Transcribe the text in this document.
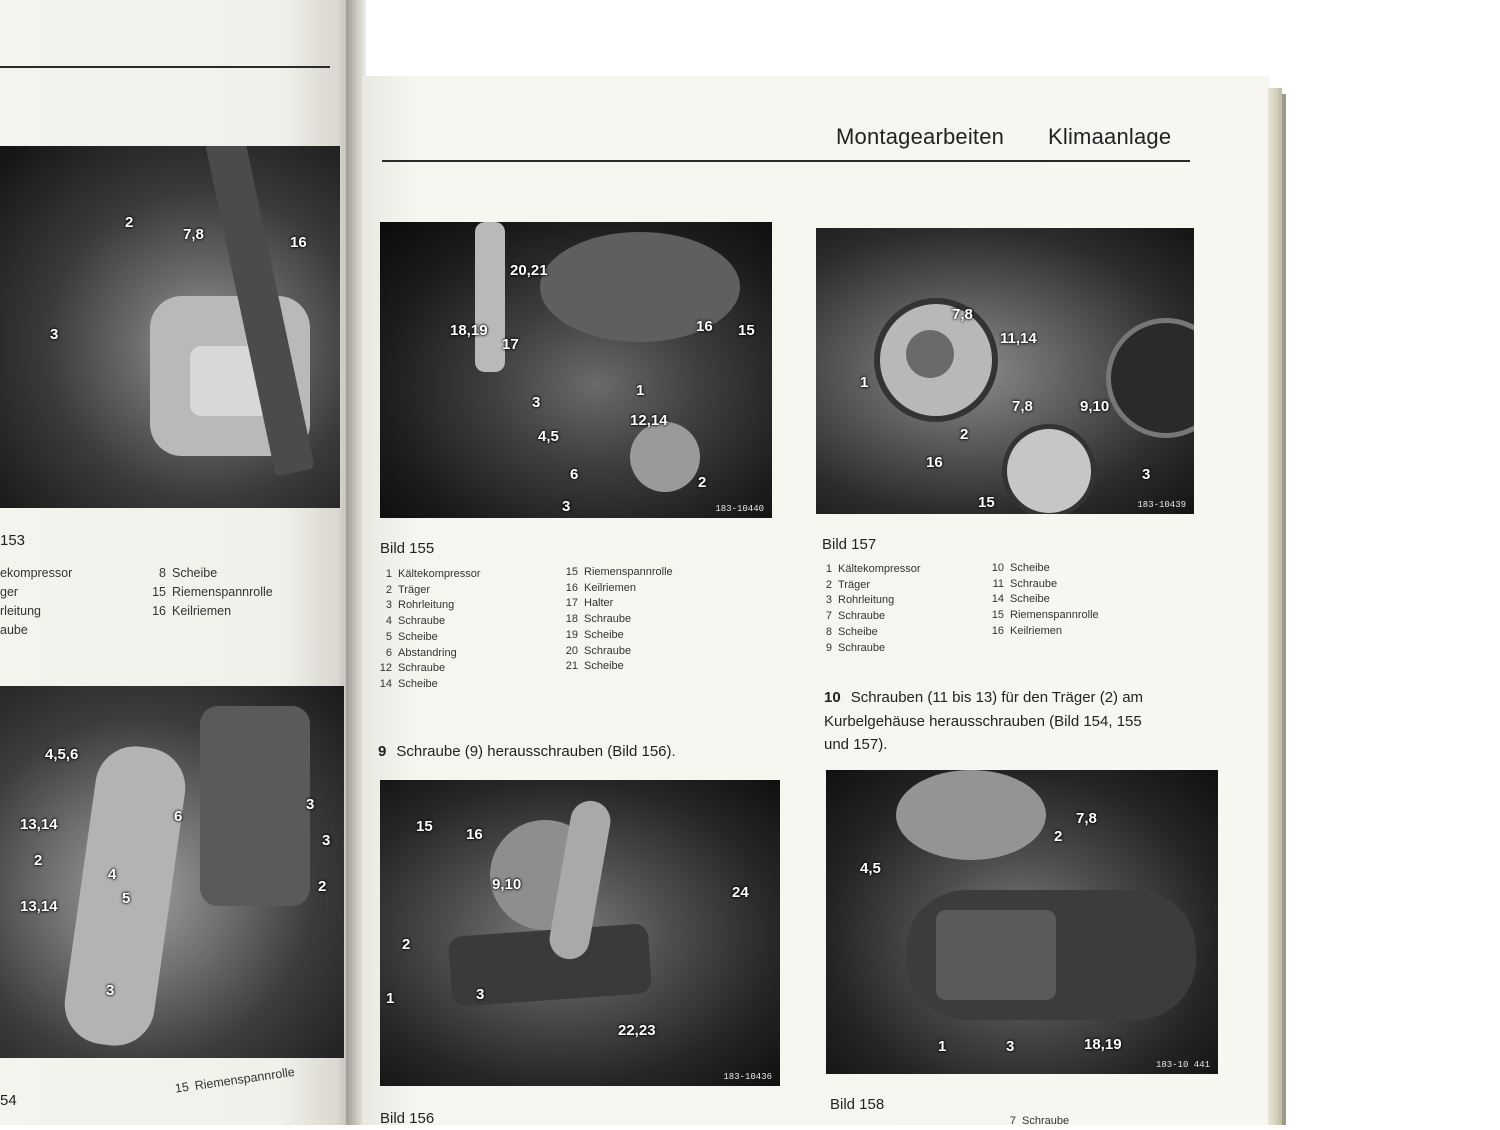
2
7,8	16
3
153
ekompressor
ger
rleitung
aube
8 Scheibe
15 Riemenspannrolle
16 Keilriemen
4,5,6
13,14
2
4
5
13,14
6
3
2
3
3
54
15 Riemenspannrolle
Montagearbeiten Klimaanlage
20,21
18,19
17
16 15
1
3
12,14
4,5
6
3
2
183-10440
Bild 155
1 Kältekompressor
2 Träger
3 Rohrleitung
4 Schraube
5 Scheibe
6 Abstandring
12 Schraube
14 Scheibe
15 Riemenspannrolle
16 Keilriemen
17 Halter
18 Schraube
19 Scheibe
20 Schraube
21 Scheibe
7,8
11,14
1
7,8	9,10
2
16
3
15	183-10439
Bild 157
1 Kältekompressor
2 Träger
3 Rohrleitung
7 Schraube
8 Scheibe
9 Schraube
10 Scheibe
11 Schraube
14 Scheibe
15 Riemenspannrolle
16 Keilriemen
10 Schrauben (11 bis 13) für den Träger (2) am
Kurbelgehäuse herausschrauben (Bild 154, 155
und 157).
9 Schraube (9) herausschrauben (Bild 156).
15 16
9,10	24
2
3
22,23
1
183-10436
Bild 156
2
7,8
4,5
1	3	18,19
183-10 441
Bild 158
7 Schraube
